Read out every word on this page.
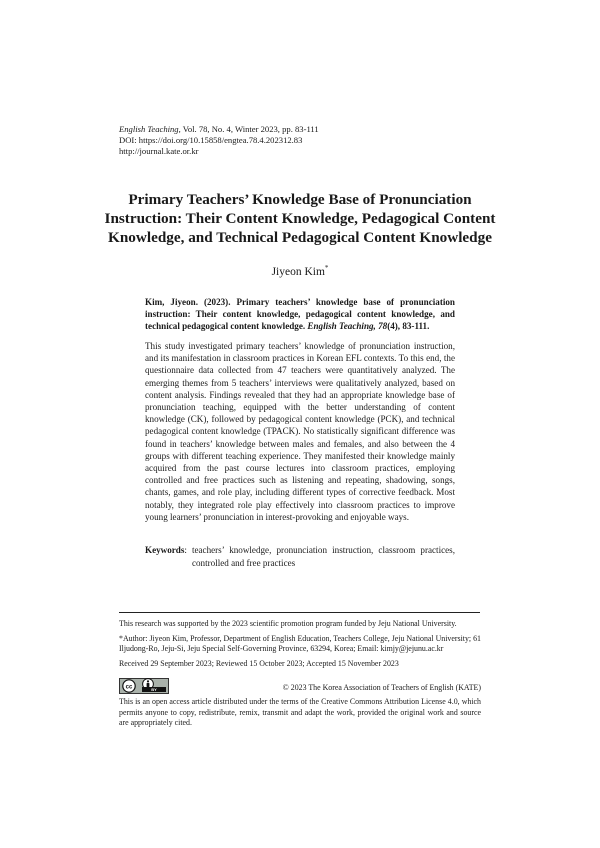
English Teaching, Vol. 78, No. 4, Winter 2023, pp. 83-111
DOI: https://doi.org/10.15858/engtea.78.4.202312.83
http://journal.kate.or.kr
Primary Teachers’ Knowledge Base of Pronunciation Instruction: Their Content Knowledge, Pedagogical Content Knowledge, and Technical Pedagogical Content Knowledge
Jiyeon Kim*
Kim, Jiyeon. (2023). Primary teachers’ knowledge base of pronunciation instruction: Their content knowledge, pedagogical content knowledge, and technical pedagogical content knowledge. English Teaching, 78(4), 83-111.

This study investigated primary teachers’ knowledge of pronunciation instruction, and its manifestation in classroom practices in Korean EFL contexts. To this end, the questionnaire data collected from 47 teachers were quantitatively analyzed. The emerging themes from 5 teachers’ interviews were qualitatively analyzed, based on content analysis. Findings revealed that they had an appropriate knowledge base of pronunciation teaching, equipped with the better understanding of content knowledge (CK), followed by pedagogical content knowledge (PCK), and technical pedagogical content knowledge (TPACK). No statistically significant difference was found in teachers’ knowledge between males and females, and also between the 4 groups with different teaching experience. They manifested their knowledge mainly acquired from the past course lectures into classroom practices, employing controlled and free practices such as listening and repeating, shadowing, songs, chants, games, and role play, including different types of corrective feedback. Most notably, they integrated role play effectively into classroom practices to improve young learners’ pronunciation in interest-provoking and enjoyable ways.

Keywords : teachers’ knowledge, pronunciation instruction, classroom practices, controlled and free practices

This research was supported by the 2023 scientific promotion program funded by Jeju National University.

*Author: Jiyeon Kim, Professor, Department of English Education, Teachers College, Jeju National University; 61 Iljudong-Ro, Jeju-Si, Jeju Special Self-Governing Province, 63294, Korea; Email: kimjy@jejunu.ac.kr

Received 29 September 2023; Reviewed 15 October 2023; Accepted 15 November 2023

cc	BY	© 2023 The Korea Association of Teachers of English (KATE)
This is an open access article distributed under the terms of the Creative Commons Attribution License 4.0, which permits anyone to copy, redistribute, remix, transmit and adapt the work, provided the original work and source are appropriately cited.
